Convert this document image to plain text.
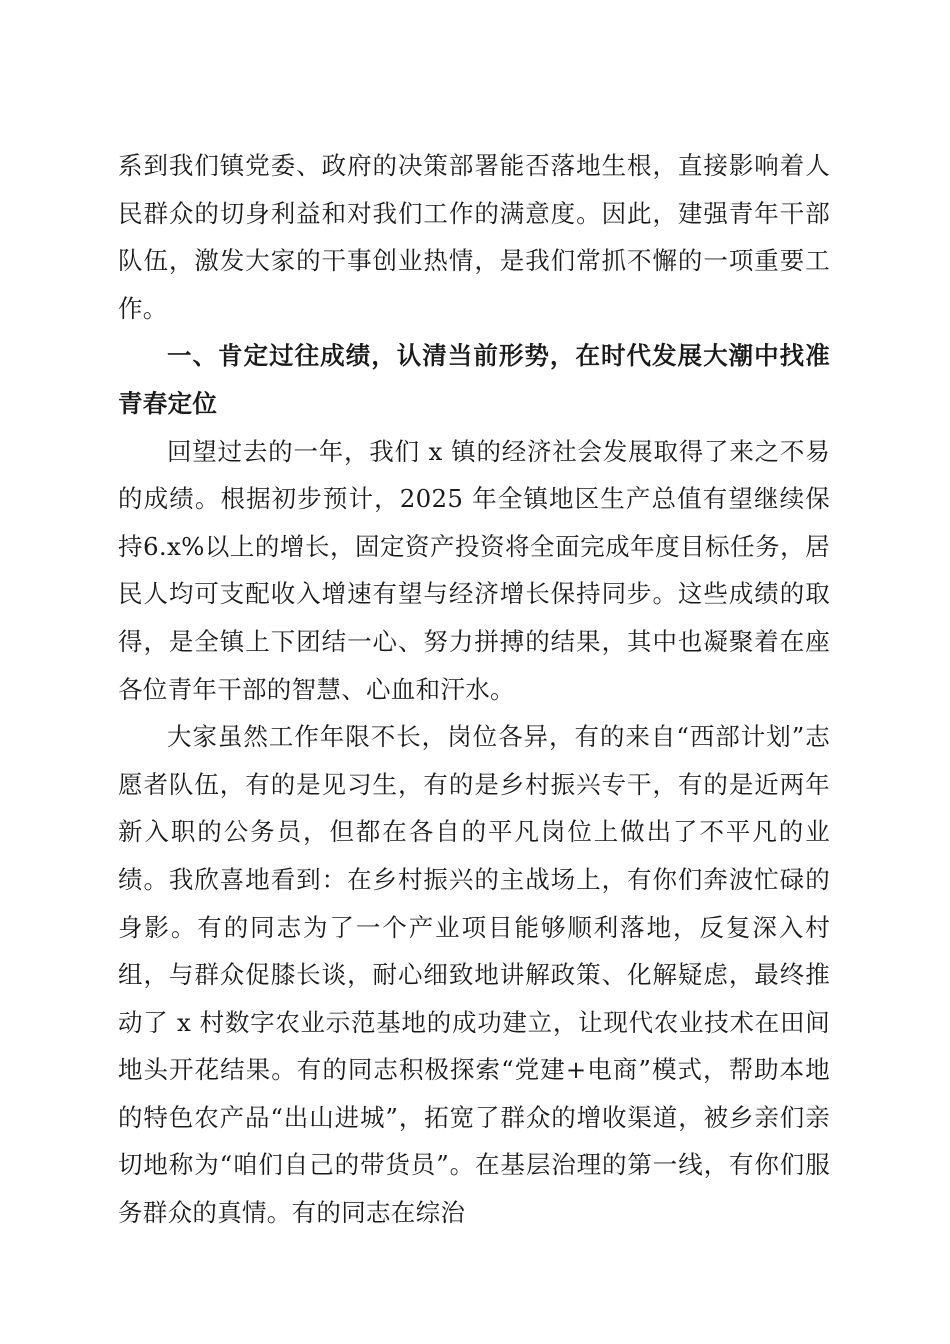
系到我们镇党委、政府的决策部署能否落地生根，直接影响着人民群众的切身利益和对我们工作的满意度。因此，建强青年干部队伍，激发大家的干事创业热情，是我们常抓不懈的一项重要工作。

一、肯定过往成绩，认清当前形势，在时代发展大潮中找准青春定位

回望过去的一年，我们 x 镇的经济社会发展取得了来之不易的成绩。根据初步预计，2025 年全镇地区生产总值有望继续保持6.x%以上的增长，固定资产投资将全面完成年度目标任务，居民人均可支配收入增速有望与经济增长保持同步。这些成绩的取得，是全镇上下团结一心、努力拼搏的结果，其中也凝聚着在座各位青年干部的智慧、心血和汗水。

大家虽然工作年限不长，岗位各异，有的来自“西部计划”志愿者队伍，有的是见习生，有的是乡村振兴专干，有的是近两年新入职的公务员，但都在各自的平凡岗位上做出了不平凡的业绩。我欣喜地看到：在乡村振兴的主战场上，有你们奔波忙碌的身影。有的同志为了一个产业项目能够顺利落地，反复深入村组，与群众促膝长谈，耐心细致地讲解政策、化解疑虑，最终推动了 x 村数字农业示范基地的成功建立，让现代农业技术在田间地头开花结果。有的同志积极探索“党建+电商”模式，帮助本地的特色农产品“出山进城”，拓宽了群众的增收渠道，被乡亲们亲切地称为“咱们自己的带货员”。在基层治理的第一线，有你们服务群众的真情。有的同志在综治
